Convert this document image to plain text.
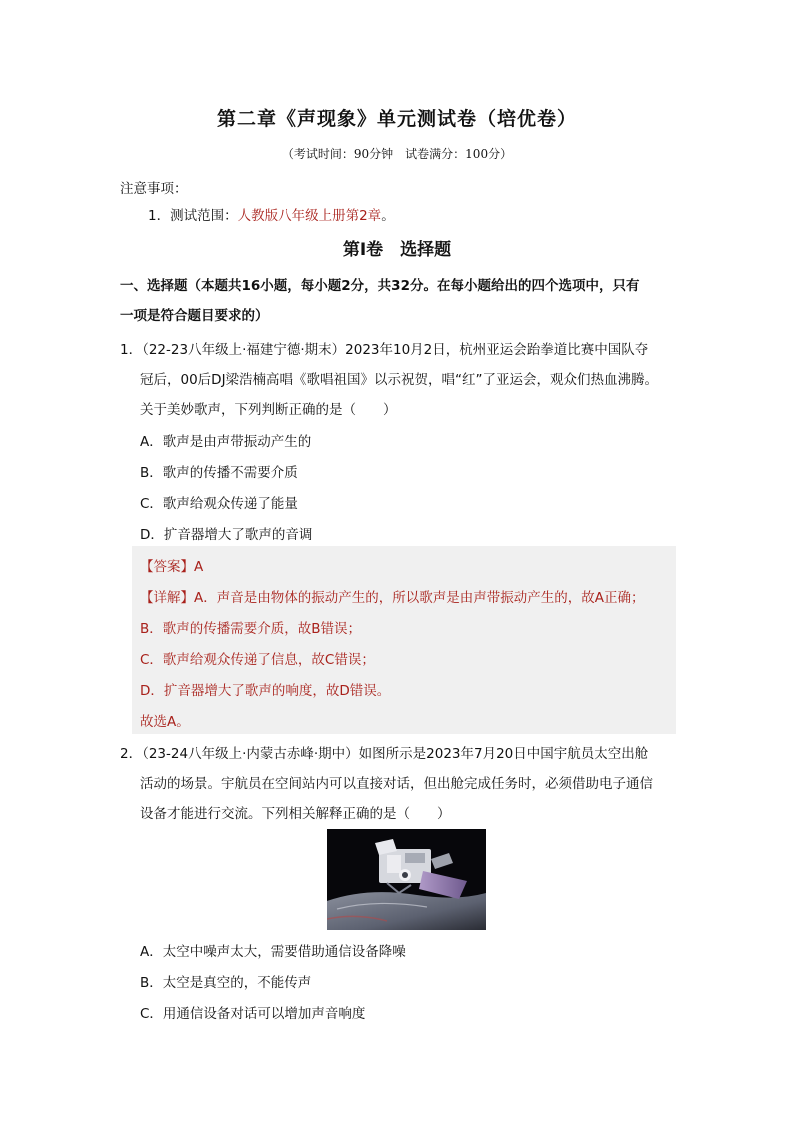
第二章《声现象》单元测试卷（培优卷）
（考试时间：90分钟　试卷满分：100分）
注意事项：
1．测试范围：人教版八年级上册第2章。
第Ⅰ卷　选择题
一、选择题（本题共16小题，每小题2分，共32分。在每小题给出的四个选项中，只有
一项是符合题目要求的）
1．（22-23八年级上·福建宁德·期末）2023年10月2日，杭州亚运会跆拳道比赛中国队夺
冠后，00后DJ梁浩楠高唱《歌唱祖国》以示祝贺，唱“红”了亚运会，观众们热血沸腾。
关于美妙歌声，下列判断正确的是（　　）
A．歌声是由声带振动产生的
B．歌声的传播不需要介质
C．歌声给观众传递了能量
D．扩音器增大了歌声的音调
【答案】A
【详解】A．声音是由物体的振动产生的，所以歌声是由声带振动产生的，故A正确；
B．歌声的传播需要介质，故B错误；
C．歌声给观众传递了信息，故C错误；
D．扩音器增大了歌声的响度，故D错误。
故选A。
2．（23-24八年级上·内蒙古赤峰·期中）如图所示是2023年7月20日中国宇航员太空出舱
活动的场景。宇航员在空间站内可以直接对话，但出舱完成任务时，必须借助电子通信
设备才能进行交流。下列相关解释正确的是（　　）
A．太空中噪声太大，需要借助通信设备降噪
B．太空是真空的，不能传声
C．用通信设备对话可以增加声音响度
